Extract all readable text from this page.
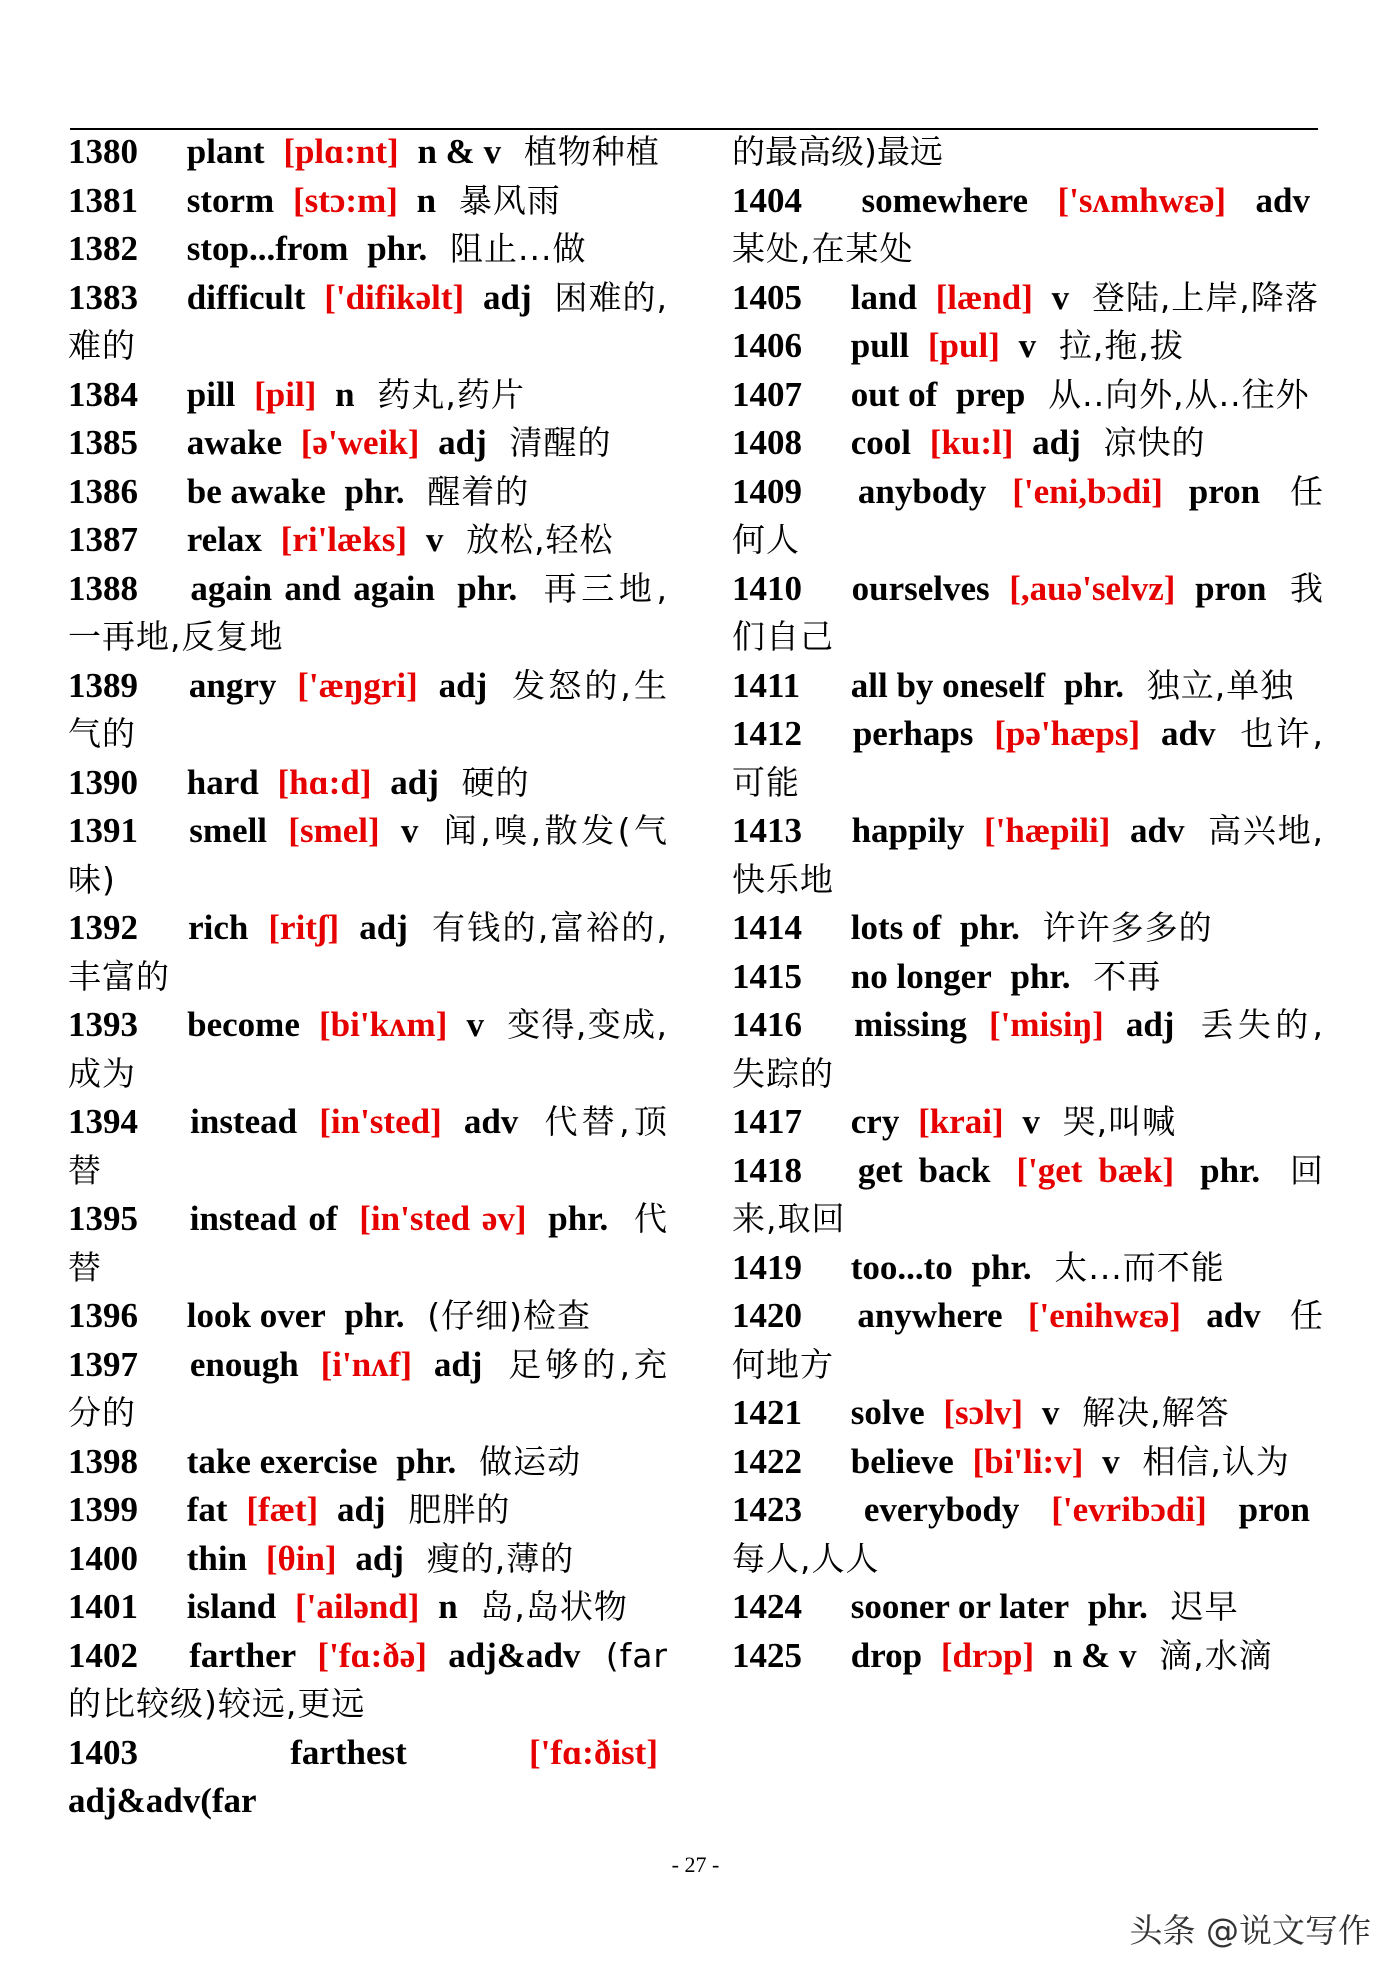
1380 plant [plɑ:nt] n & v 植物种植

1381 storm [stɔ:m] n 暴风雨

1382 stop...from phr. 阻止...做

1383 difficult ['difikəlt] adj 困难的,难的

1384 pill [pil] n 药丸,药片

1385 awake [ə'weik] adj 清醒的

1386 be awake phr. 醒着的

1387 relax [ri'læks] v 放松,轻松

1388 again and again phr. 再三地,一再地,反复地

1389 angry ['æŋgri] adj 发怒的,生气的

1390 hard [hɑ:d] adj 硬的

1391 smell [smel] v 闻,嗅,散发(气味)

1392 rich [ritʃ] adj 有钱的,富裕的,丰富的

1393 become [bi'kʌm] v 变得,变成,成为

1394 instead [in'sted] adv 代替,顶替

1395 instead of [in'sted əv] phr. 代替

1396 look over phr. (仔细)检查

1397 enough [i'nʌf] adj 足够的,充分的

1398 take exercise phr. 做运动

1399 fat [fæt] adj 肥胖的

1400 thin [θin] adj 瘦的,薄的

1401 island ['ailənd] n 岛,岛状物

1402 farther ['fɑ:ðə] adj&adv (far的比较级)较远,更远

1403	farthest	['fɑ:ðist] adj&adv(far

的最高级)最远

1404 somewhere ['sʌmhwεə] adv 某处,在某处

1405 land [lænd] v 登陆,上岸,降落

1406 pull [pul] v 拉,拖,拔

1407 out of prep 从..向外,从..往外

1408 cool [ku:l] adj 凉快的

1409 anybody ['eni,bɔdi] pron 任何人

1410 ourselves [,auə'selvz] pron 我们自己

1411 all by oneself phr. 独立,单独

1412 perhaps [pə'hæps] adv 也许,可能

1413 happily ['hæpili] adv 高兴地,快乐地

1414 lots of phr. 许许多多的

1415 no longer phr. 不再

1416 missing ['misiŋ] adj 丢失的,失踪的

1417 cry [krai] v 哭,叫喊

1418 get back ['get bæk] phr. 回来,取回

1419 too...to phr. 太...而不能

1420 anywhere ['enihwεə] adv 任何地方

1421 solve [sɔlv] v 解决,解答

1422 believe [bi'li:v] v 相信,认为

1423 everybody ['evribɔdi] pron 每人,人人

1424 sooner or later phr. 迟早

1425 drop [drɔp] n & v 滴,水滴

- 27 -
头条 @说文写作
